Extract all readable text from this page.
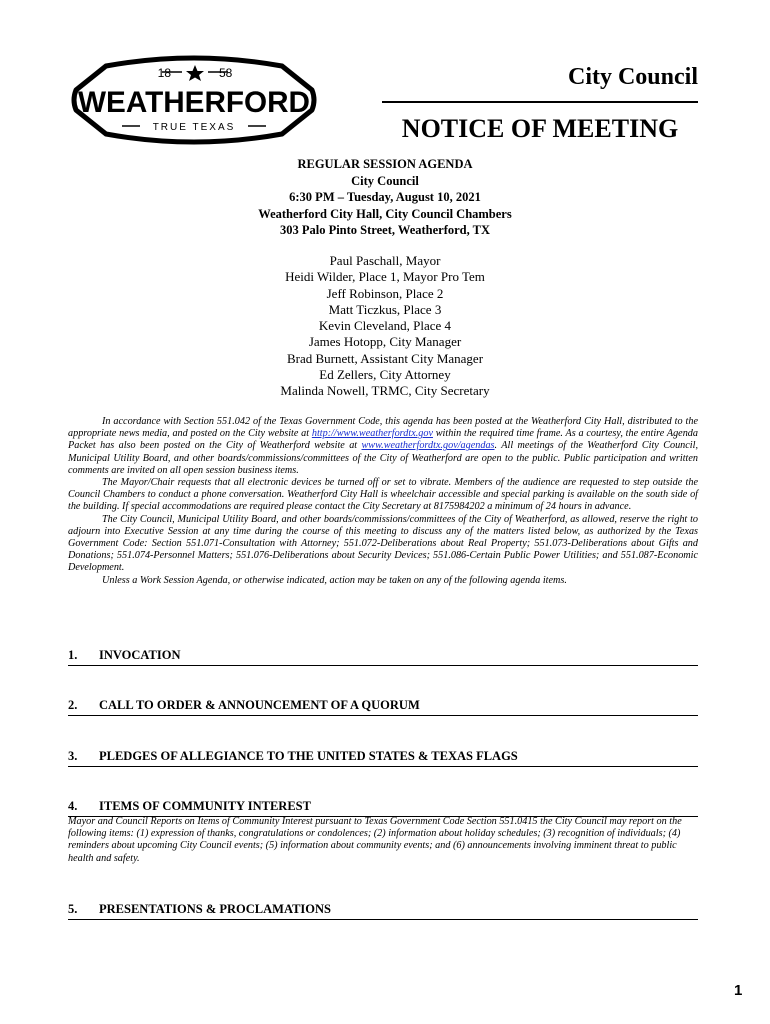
18	58
WEATHERFORD
TRUE TEXAS
City Council
NOTICE OF MEETING
REGULAR SESSION AGENDA
City Council
6:30 PM – Tuesday, August 10, 2021
Weatherford City Hall, City Council Chambers
303 Palo Pinto Street, Weatherford, TX
Paul Paschall, Mayor
Heidi Wilder, Place 1, Mayor Pro Tem
Jeff Robinson, Place 2
Matt Ticzkus, Place 3
Kevin Cleveland, Place 4
James Hotopp, City Manager
Brad Burnett, Assistant City Manager
Ed Zellers, City Attorney
Malinda Nowell, TRMC, City Secretary

In accordance with Section 551.042 of the Texas Government Code, this agenda has been posted at the Weatherford City Hall, distributed to the appropriate news media, and posted on the City website at http://www.weatherfordtx.gov within the required time frame. As a courtesy, the entire Agenda Packet has also been posted on the City of Weatherford website at www.weatherfordtx.gov/agendas. All meetings of the Weatherford City Council, Municipal Utility Board, and other boards/commissions/committees of the City of Weatherford are open to the public. Public participation and written comments are invited on all open session business items.

The Mayor/Chair requests that all electronic devices be turned off or set to vibrate. Members of the audience are requested to step outside the Council Chambers to conduct a phone conversation. Weatherford City Hall is wheelchair accessible and special parking is available on the south side of the building. If special accommodations are required please contact the City Secretary at 8175984202 a minimum of 24 hours in advance.

The City Council, Municipal Utility Board, and other boards/commissions/committees of the City of Weatherford, as allowed, reserve the right to adjourn into Executive Session at any time during the course of this meeting to discuss any of the matters listed below, as authorized by the Texas Government Code: Section 551.071-Consultation with Attorney; 551.072-Deliberations about Real Property; 551.073-Deliberations about Gifts and Donations; 551.074-Personnel Matters; 551.076-Deliberations about Security Devices; 551.086-Certain Public Power Utilities; and 551.087-Economic Development.

Unless a Work Session Agenda, or otherwise indicated, action may be taken on any of the following agenda items.

1. INVOCATION
2. CALL TO ORDER & ANNOUNCEMENT OF A QUORUM
3. PLEDGES OF ALLEGIANCE TO THE UNITED STATES & TEXAS FLAGS
4. ITEMS OF COMMUNITY INTEREST
Mayor and Council Reports on Items of Community Interest pursuant to Texas Government Code Section 551.0415 the City Council may report on the following items: (1) expression of thanks, congratulations or condolences; (2) information about holiday schedules; (3) recognition of individuals; (4) reminders about upcoming City Council events; (5) information about community events; and (6) announcements involving imminent threat to public health and safety.
5. PRESENTATIONS & PROCLAMATIONS
1
